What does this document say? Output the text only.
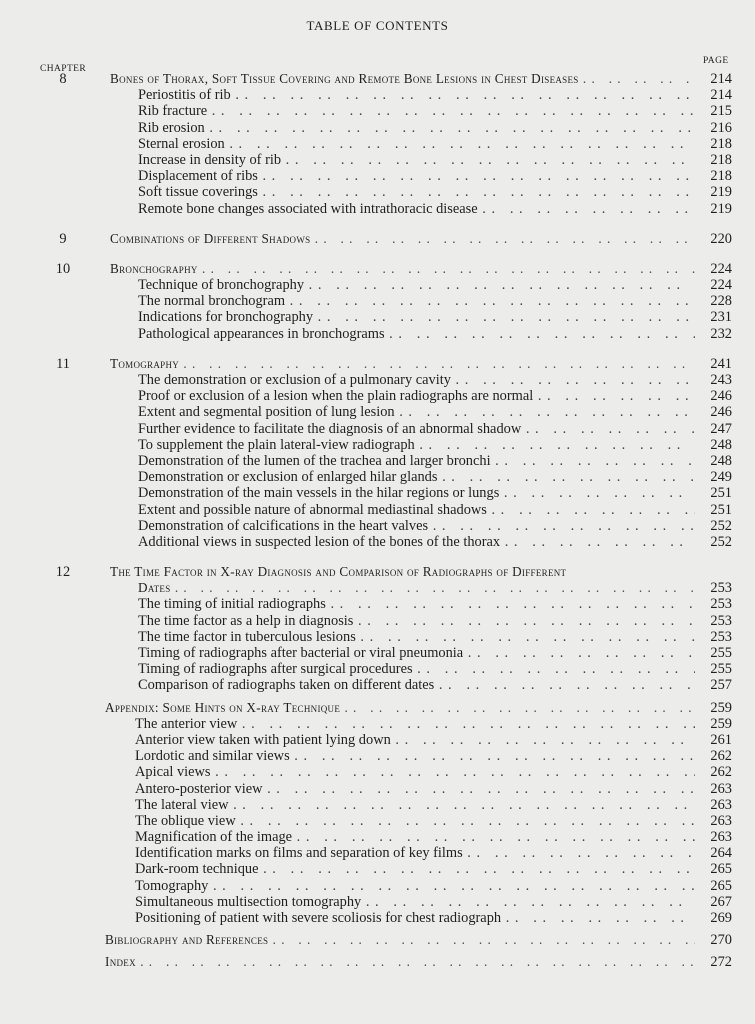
TABLE OF CONTENTS
CHAPTER
PAGE
8	Bones of Thorax, Soft Tissue Covering and Remote Bone Lesions in Chest Diseases . .	214
Periostitis of rib . .	214
Rib fracture . .	215
Rib erosion . .	216
Sternal erosion . .	218
Increase in density of rib . .	218
Displacement of ribs . .	218
Soft tissue coverings . .	219
Remote bone changes associated with intrathoracic disease . .	219
9	Combinations of Different Shadows . .	220
10	Bronchography . .	224
Technique of bronchography . .	224
The normal bronchogram . .	228
Indications for bronchography . .	231
Pathological appearances in bronchograms . .	232
11	Tomography . .	241
The demonstration or exclusion of a pulmonary cavity . .	243
Proof or exclusion of a lesion when the plain radiographs are normal . .	246
Extent and segmental position of lung lesion . .	246
Further evidence to facilitate the diagnosis of an abnormal shadow . .	247
To supplement the plain lateral-view radiograph . .	248
Demonstration of the lumen of the trachea and larger bronchi . .	248
Demonstration or exclusion of enlarged hilar glands . .	249
Demonstration of the main vessels in the hilar regions or lungs . .	251
Extent and possible nature of abnormal mediastinal shadows . .	251
Demonstration of calcifications in the heart valves . .	252
Additional views in suspected lesion of the bones of the thorax . .	252
12	The Time Factor in X-ray Diagnosis and Comparison of Radiographs of Different
Dates . .	253
The timing of initial radiographs . .	253
The time factor as a help in diagnosis . .	253
The time factor in tuberculous lesions . .	253
Timing of radiographs after bacterial or viral pneumonia . .	255
Timing of radiographs after surgical procedures . .	255
Comparison of radiographs taken on different dates . .	257
Appendix: Some Hints on X-ray Technique . .	259
The anterior view . .	259
Anterior view taken with patient lying down . .	261
Lordotic and similar views . .	262
Apical views . .	262
Antero-posterior view . .	263
The lateral view . .	263
The oblique view . .	263
Magnification of the image . .	263
Identification marks on films and separation of key films . .	264
Dark-room technique . .	265
Tomography . .	265
Simultaneous multisection tomography . .	267
Positioning of patient with severe scoliosis for chest radiograph . .	269
Bibliography and References . .	270
Index . .	272
